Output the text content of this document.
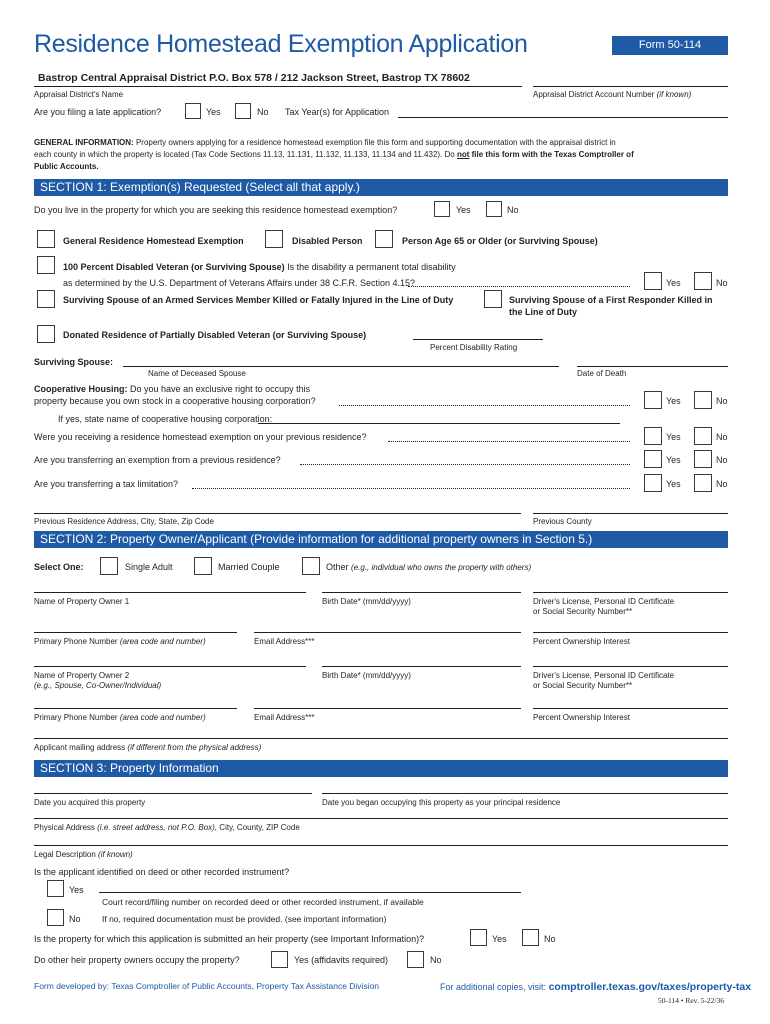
Residence Homestead Exemption Application	Form 50-114
Bastrop Central Appraisal District P.O. Box 578 / 212 Jackson Street, Bastrop TX 78602
Appraisal District's Name	Appraisal District Account Number (if known)
Are you filing a late application?	Yes	No Tax Year(s) for Application
GENERAL INFORMATION: Property owners applying for a residence homestead exemption file this form and supporting documentation with the appraisal district in
each county in which the property is located (Tax Code Sections 11.13, 11.131, 11.132, 11.133, 11.134 and 11.432). Do not file this form with the Texas Comptroller of
Public Accounts.
SECTION 1: Exemption(s) Requested (Select all that apply.)
Do you live in the property for which you are seeking this residence homestead exemption?	Yes	No
General Residence Homestead Exemption	Disabled Person	Person Age 65 or Older (or Surviving Spouse)
100 Percent Disabled Veteran (or Surviving Spouse) Is the disability a permanent total disability
as determined by the U.S. Department of Veterans Affairs under 38 C.F.R. Section 4.15?	Yes	No
Surviving Spouse of an Armed Services Member Killed or Fatally Injured in the Line of Duty	Surviving Spouse of a First Responder Killed in
the Line of Duty
Donated Residence of Partially Disabled Veteran (or Surviving Spouse)
Percent Disability Rating
Surviving Spouse:
Name of Deceased Spouse	Date of Death
Cooperative Housing: Do you have an exclusive right to occupy this
property because you own stock in a cooperative housing corporation?	Yes	No
If yes, state name of cooperative housing corporation:
Were you receiving a residence homestead exemption on your previous residence?	Yes	No
Are you transferring an exemption from a previous residence?	Yes	No
Are you transferring a tax limitation?	Yes	No
Previous Residence Address, City, State, Zip Code	Previous County
SECTION 2: Property Owner/Applicant (Provide information for additional property owners in Section 5.)
Select One:	Single Adult	Married Couple	Other (e.g., individual who owns the property with others)
Name of Property Owner 1	Birth Date* (mm/dd/yyyy)	Driver's License, Personal ID Certificate
or Social Security Number**
Primary Phone Number (area code and number)	Email Address***	Percent Ownership Interest
Name of Property Owner 2
(e.g., Spouse, Co-Owner/Individual)
Birth Date* (mm/dd/yyyy)	Driver's License, Personal ID Certificate
or Social Security Number**
Primary Phone Number (area code and number)	Email Address***	Percent Ownership Interest
Applicant mailing address (if different from the physical address)
SECTION 3: Property Information
Date you acquired this property	Date you began occupying this property as your principal residence
Physical Address (i.e. street address, not P.O. Box), City, County, ZIP Code
Legal Description (if known)
Is the applicant identified on deed or other recorded instrument?
Yes
Court record/filing number on recorded deed or other recorded instrument, if available
No	If no, required documentation must be provided. (see important information)
Is the property for which this application is submitted an heir property (see Important Information)?	Yes	No
Do other heir property owners occupy the property?	Yes (affidavits required)	No
Form developed by: Texas Comptroller of Public Accounts, Property Tax Assistance Division	For additional copies, visit: comptroller.texas.gov/taxes/property-tax
50-114 • Rev. 5-22/36
